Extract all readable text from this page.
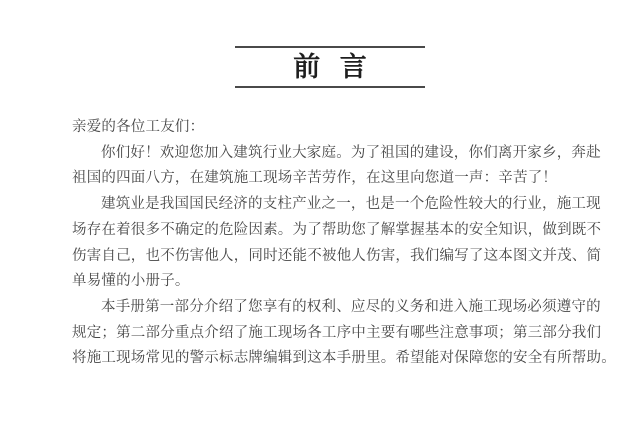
前 言
亲爱的各位工友们：
你们好！欢迎您加入建筑行业大家庭。为了祖国的建设，你们离开家乡，奔赴
祖国的四面八方，在建筑施工现场辛苦劳作，在这里向您道一声：辛苦了！
建筑业是我国国民经济的支柱产业之一，也是一个危险性较大的行业，施工现
场存在着很多不确定的危险因素。为了帮助您了解掌握基本的安全知识，做到既不
伤害自己，也不伤害他人，同时还能不被他人伤害，我们编写了这本图文并茂、简
单易懂的小册子。
本手册第一部分介绍了您享有的权利、应尽的义务和进入施工现场必须遵守的
规定；第二部分重点介绍了施工现场各工序中主要有哪些注意事项；第三部分我们
将施工现场常见的警示标志牌编辑到这本手册里。希望能对保障您的安全有所帮助。
